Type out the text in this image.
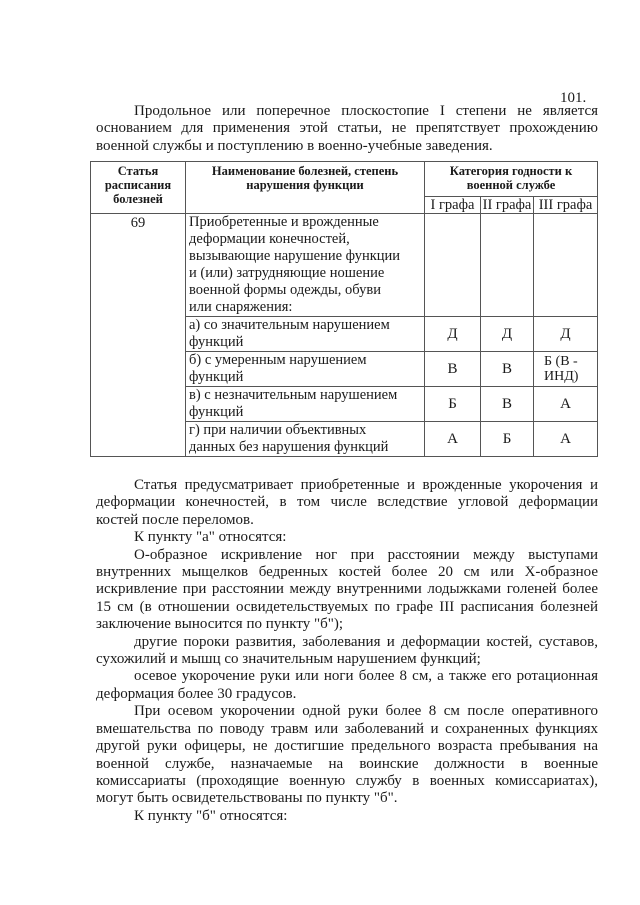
101.

Продольное или поперечное плоскостопие I степени не является
основанием для применения этой статьи, не препятствует прохождению
военной службы и поступлению в военно-учебные заведения.

Статья расписания болезней	Наименование болезней, степень нарушения функции	Категория годности к военной службе		
		I графа	II графа	III графа
69	Приобретенные и врожденные
деформации конечностей,
вызывающие нарушение функции
и (или) затрудняющие ношение
военной формы одежды, обуви
или снаряжения:			
	а) со значительным нарушением
функций	Д	Д	Д
	б) с умеренным нарушением
функций	В	В	Б (В - ИНД)
	в) с незначительным нарушением
функций	Б	В	А
	г) при наличии объективных
данных без нарушения функций	А	Б	А

Статья предусматривает приобретенные и врожденные укорочения и
деформации конечностей, в том числе вследствие угловой деформации
костей после переломов.
К пункту "а" относятся:
О-образное искривление ног при расстоянии между выступами
внутренних мыщелков бедренных костей более 20 см или Х-образное
искривление при расстоянии между внутренними лодыжками голеней более
15 см (в отношении освидетельствуемых по графе III расписания болезней
заключение выносится по пункту "б");
другие пороки развития, заболевания и деформации костей, суставов,
сухожилий и мышц со значительным нарушением функций;
осевое укорочение руки или ноги более 8 см, а также его ротационная
деформация более 30 градусов.
При осевом укорочении одной руки более 8 см после оперативного
вмешательства по поводу травм или заболеваний и сохраненных функциях
другой руки офицеры, не достигшие предельного возраста пребывания на
военной службе, назначаемые на воинские должности в военные
комиссариаты (проходящие военную службу в военных комиссариатах),
могут быть освидетельствованы по пункту "б".
К пункту "б" относятся:
